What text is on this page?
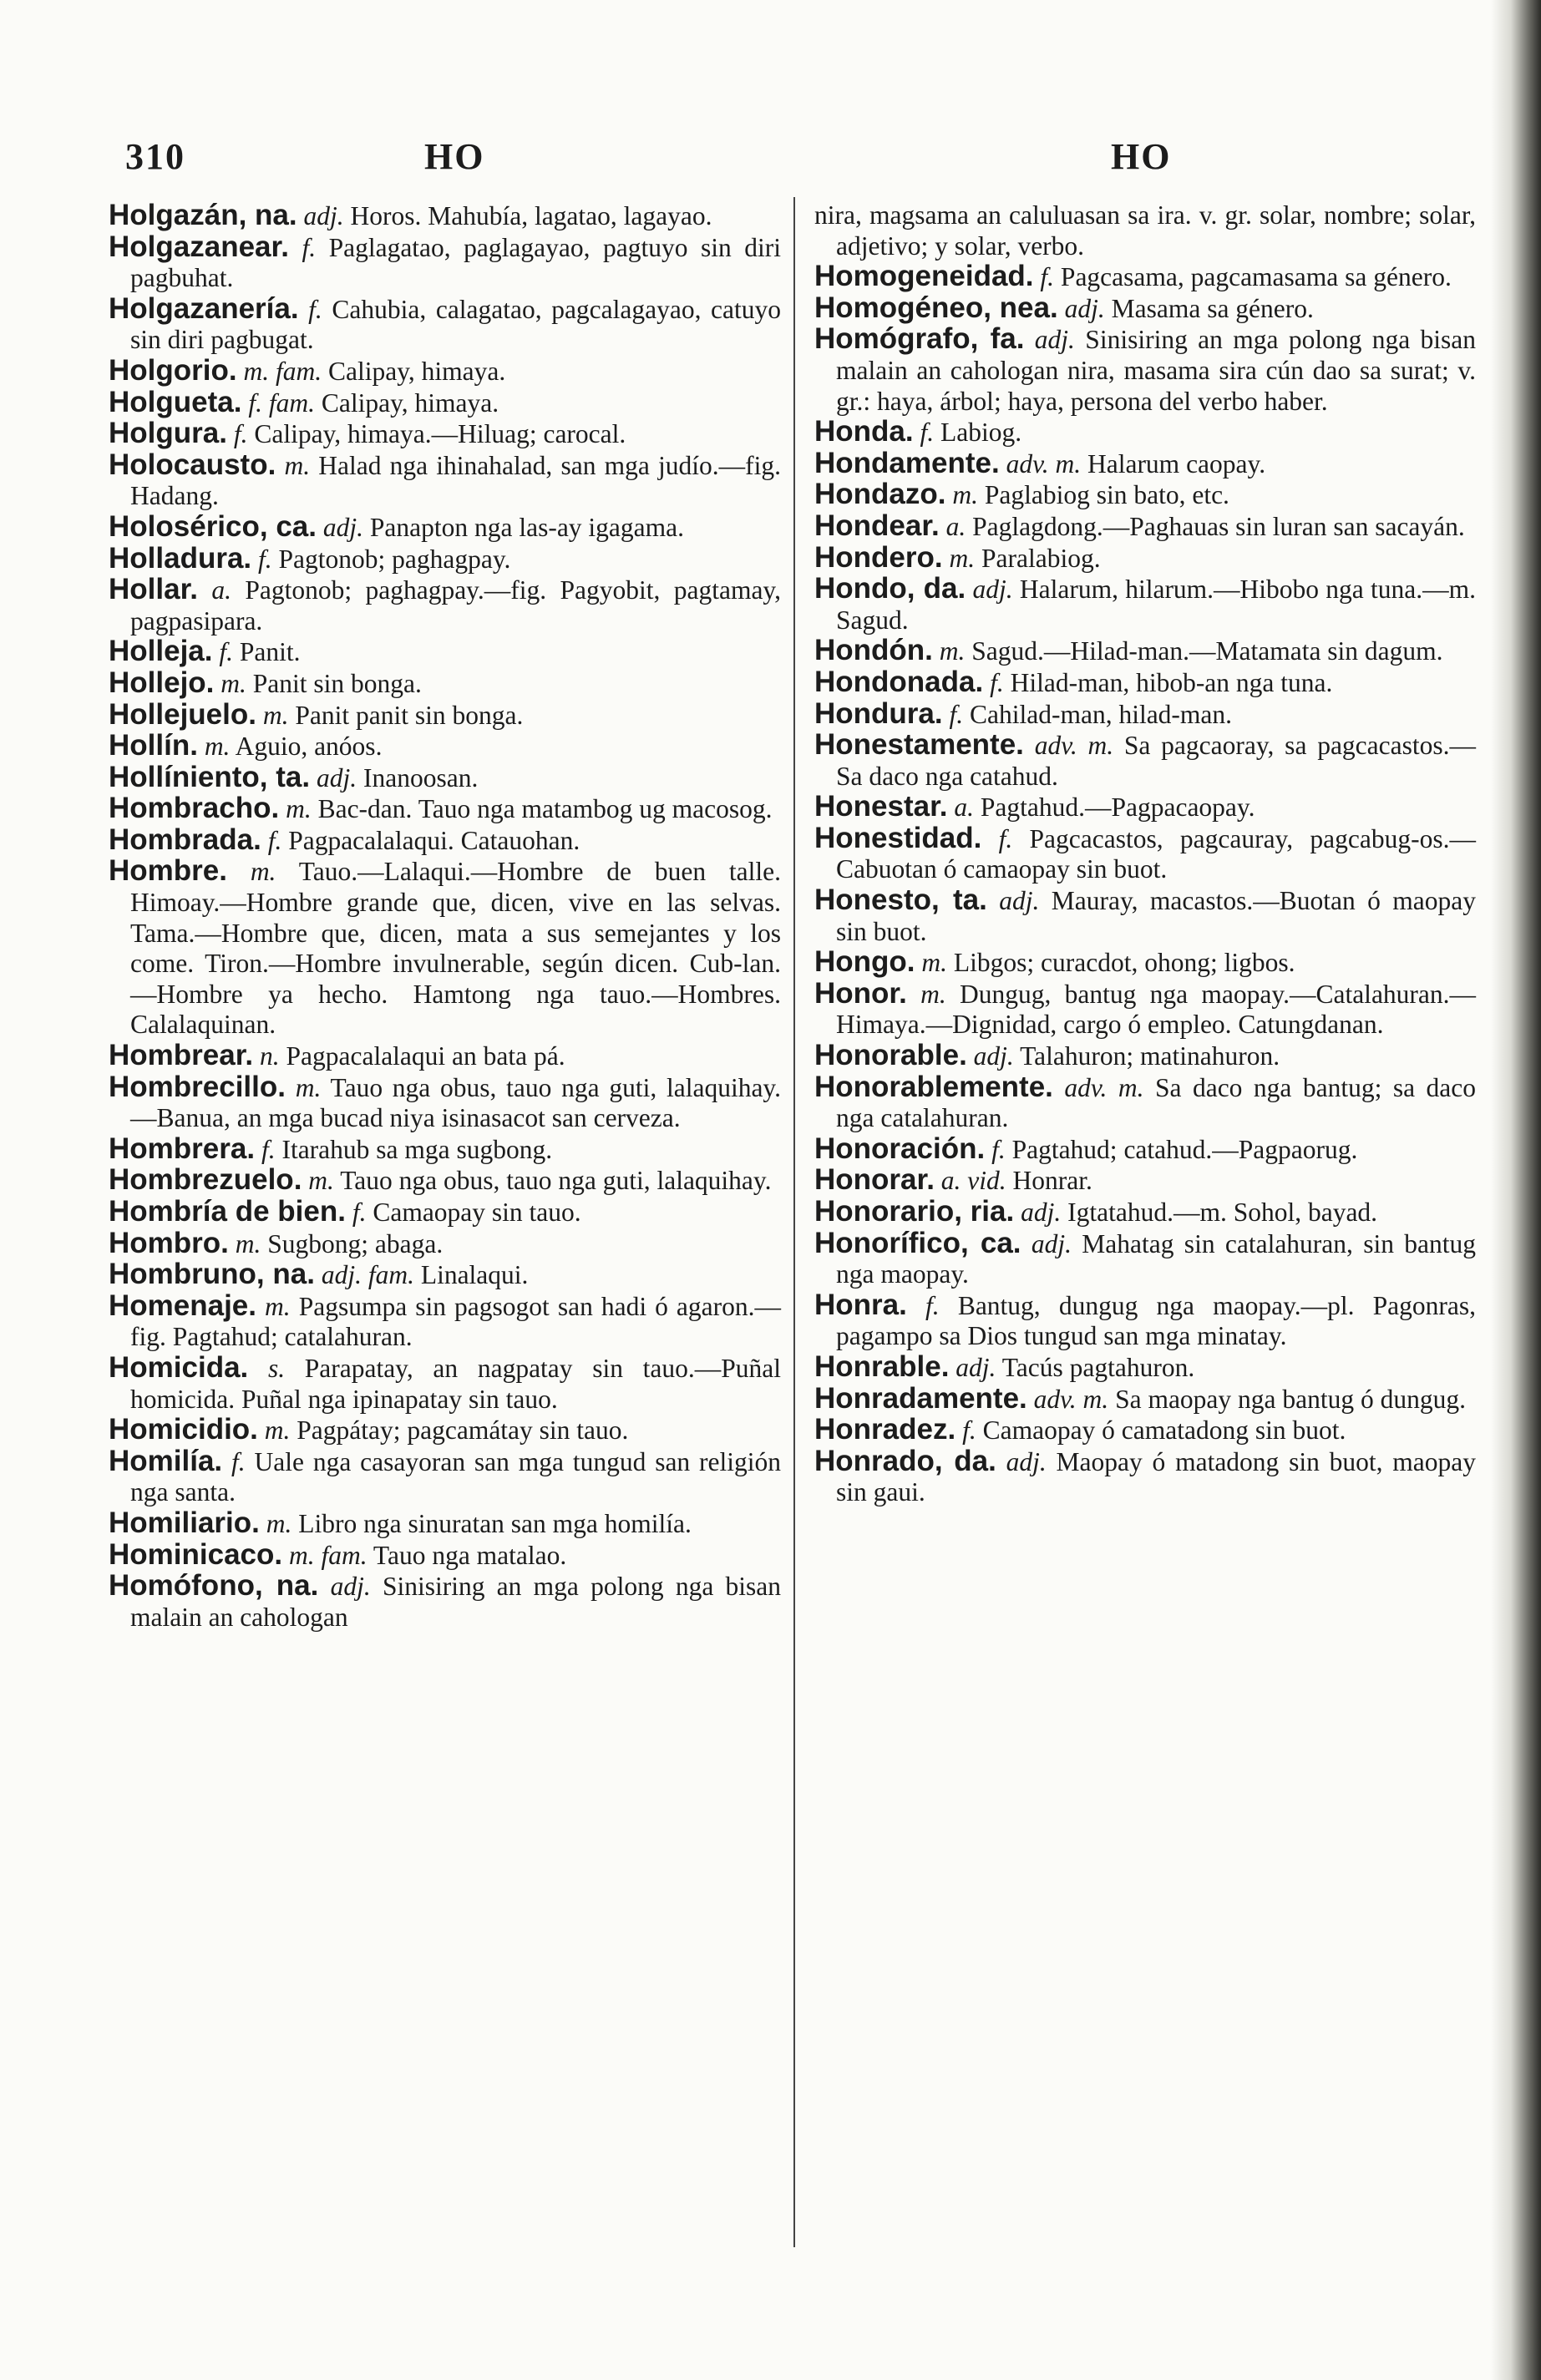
310	HO	HO

Holgazán, na. adj. Horos. Mahubía, lagatao, lagayao.

Holgazanear. f. Paglagatao, paglagayao, pagtuyo sin diri pagbuhat.

Holgazanería. f. Cahubia, calagatao, pagcalagayao, catuyo sin diri pagbugat.

Holgorio. m. fam. Calipay, himaya.

Holgueta. f. fam. Calipay, himaya.

Holgura. f. Calipay, himaya.—Hiluag; carocal.

Holocausto. m. Halad nga ihinahalad, san mga judío.—fig. Hadang.

Holosérico, ca. adj. Panapton nga las-ay igagama.

Holladura. f. Pagtonob; paghagpay.

Hollar. a. Pagtonob; paghagpay.—fig. Pagyobit, pagtamay, pagpasipara.

Holleja. f. Panit.

Hollejo. m. Panit sin bonga.

Hollejuelo. m. Panit panit sin bonga.

Hollín. m. Aguio, anóos.

Hollíniento, ta. adj. Inanoosan.

Hombracho. m. Bac-dan. Tauo nga matambog ug macosog.

Hombrada. f. Pagpacalalaqui. Catauohan.

Hombre. m. Tauo.—Lalaqui.—Hombre de buen talle. Himoay.—Hombre grande que, dicen, vive en las selvas. Tama.—Hombre que, dicen, mata a sus semejantes y los come. Tiron.—Hombre invulnerable, según dicen. Cub-lan.—Hombre ya hecho. Hamtong nga tauo.—Hombres. Calalaquinan.

Hombrear. n. Pagpacalalaqui an bata pá.

Hombrecillo. m. Tauo nga obus, tauo nga guti, lalaquihay.—Banua, an mga bucad niya isinasacot san cerveza.

Hombrera. f. Itarahub sa mga sugbong.

Hombrezuelo. m. Tauo nga obus, tauo nga guti, lalaquihay.

Hombría de bien. f. Camaopay sin tauo.

Hombro. m. Sugbong; abaga.

Hombruno, na. adj. fam. Linalaqui.

Homenaje. m. Pagsumpa sin pagsogot san hadi ó agaron.—fig. Pagtahud; catalahuran.

Homicida. s. Parapatay, an nagpatay sin tauo.—Puñal homicida. Puñal nga ipinapatay sin tauo.

Homicidio. m. Pagpátay; pagcamátay sin tauo.

Homilía. f. Uale nga casayoran san mga tungud san religión nga santa.

Homiliario. m. Libro nga sinuratan san mga homilía.

Hominicaco. m. fam. Tauo nga matalao.

Homófono, na. adj. Sinisiring an mga polong nga bisan malain an cahologan

nira, magsama an caluluasan sa ira. v. gr. solar, nombre; solar, adjetivo; y solar, verbo.

Homogeneidad. f. Pagcasama, pagcamasama sa género.

Homogéneo, nea. adj. Masama sa género.

Homógrafo, fa. adj. Sinisiring an mga polong nga bisan malain an cahologan nira, masama sira cún dao sa surat; v. gr.: haya, árbol; haya, persona del verbo haber.

Honda. f. Labiog.

Hondamente. adv. m. Halarum caopay.

Hondazo. m. Paglabiog sin bato, etc.

Hondear. a. Paglagdong.—Paghauas sin luran san sacayán.

Hondero. m. Paralabiog.

Hondo, da. adj. Halarum, hilarum.—Hibobo nga tuna.—m. Sagud.

Hondón. m. Sagud.—Hilad-man.—Matamata sin dagum.

Hondonada. f. Hilad-man, hibob-an nga tuna.

Hondura. f. Cahilad-man, hilad-man.

Honestamente. adv. m. Sa pagcaoray, sa pagcacastos.—Sa daco nga catahud.

Honestar. a. Pagtahud.—Pagpacaopay.

Honestidad. f. Pagcacastos, pagcauray, pagcabug-os.—Cabuotan ó camaopay sin buot.

Honesto, ta. adj. Mauray, macastos.—Buotan ó maopay sin buot.

Hongo. m. Libgos; curacdot, ohong; ligbos.

Honor. m. Dungug, bantug nga maopay.—Catalahuran.—Himaya.—Dignidad, cargo ó empleo. Catungdanan.

Honorable. adj. Talahuron; matinahuron.

Honorablemente. adv. m. Sa daco nga bantug; sa daco nga catalahuran.

Honoración. f. Pagtahud; catahud.—Pagpaorug.

Honorar. a. vid. Honrar.

Honorario, ria. adj. Igtatahud.—m. Sohol, bayad.

Honorífico, ca. adj. Mahatag sin catalahuran, sin bantug nga maopay.

Honra. f. Bantug, dungug nga maopay.—pl. Pagonras, pagampo sa Dios tungud san mga minatay.

Honrable. adj. Tacús pagtahuron.

Honradamente. adv. m. Sa maopay nga bantug ó dungug.

Honradez. f. Camaopay ó camatadong sin buot.

Honrado, da. adj. Maopay ó matadong sin buot, maopay sin gaui.
